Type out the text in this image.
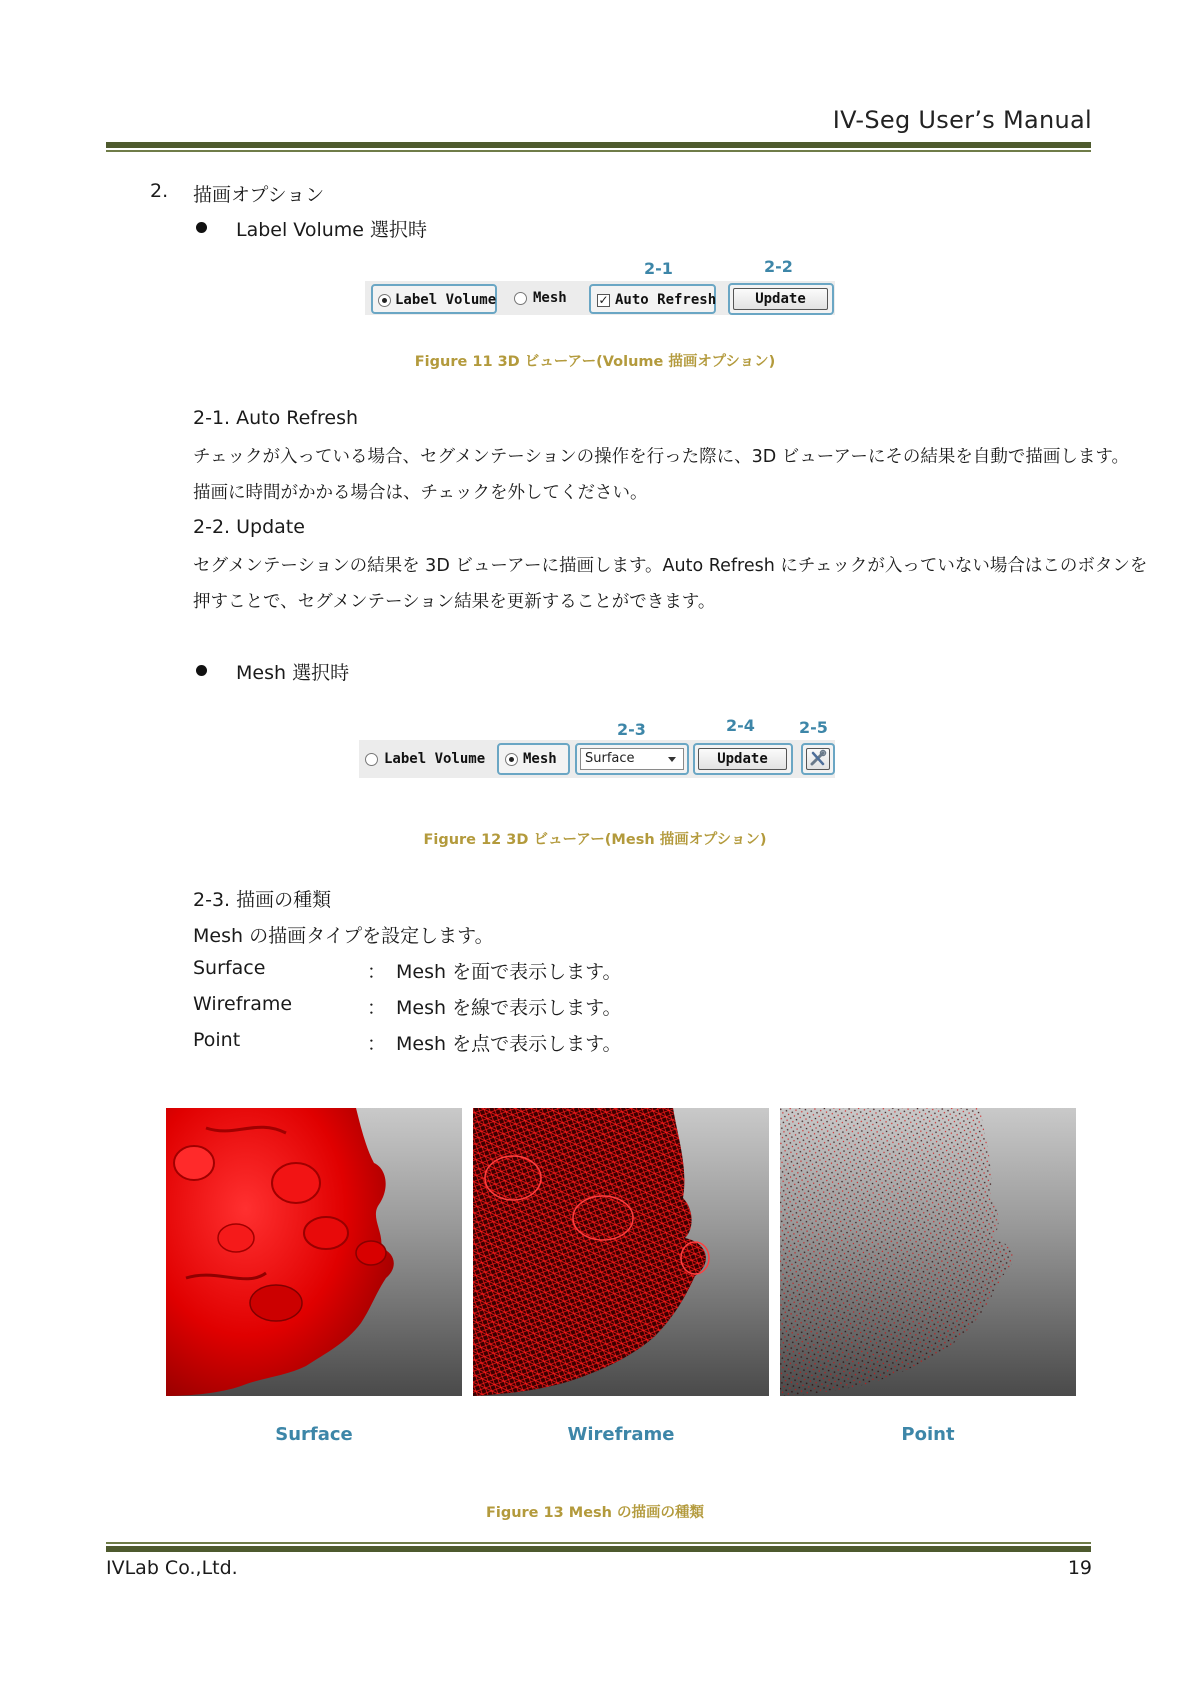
IV-Seg User’s Manual
2. 描画オプション
Label Volume 選択時
2-1	2-2
Label Volume	Mesh	✓ Auto Refresh	Update
Figure 11 3D ビューアー(Volume 描画オプション)
2-1. Auto Refresh
チェックが入っている場合、セグメンテーションの操作を行った際に、3D ビューアーにその結果を自動で描画します。
描画に時間がかかる場合は、チェックを外してください。
2-2. Update
セグメンテーションの結果を 3D ビューアーに描画します。Auto Refresh にチェックが入っていない場合はこのボタンを
押すことで、セグメンテーション結果を更新することができます。
Mesh 選択時
2-3	2-4	2-5
Label Volume	Mesh Surface	Update
Figure 12 3D ビューアー(Mesh 描画オプション)
2-3. 描画の種類
Mesh の描画タイプを設定します。
Surface	： Mesh を面で表示します。
Wireframe	： Mesh を線で表示します。
Point	： Mesh を点で表示します。
Surface	Wireframe	Point
Figure 13 Mesh の描画の種類
IVLab Co.,Ltd.	19
